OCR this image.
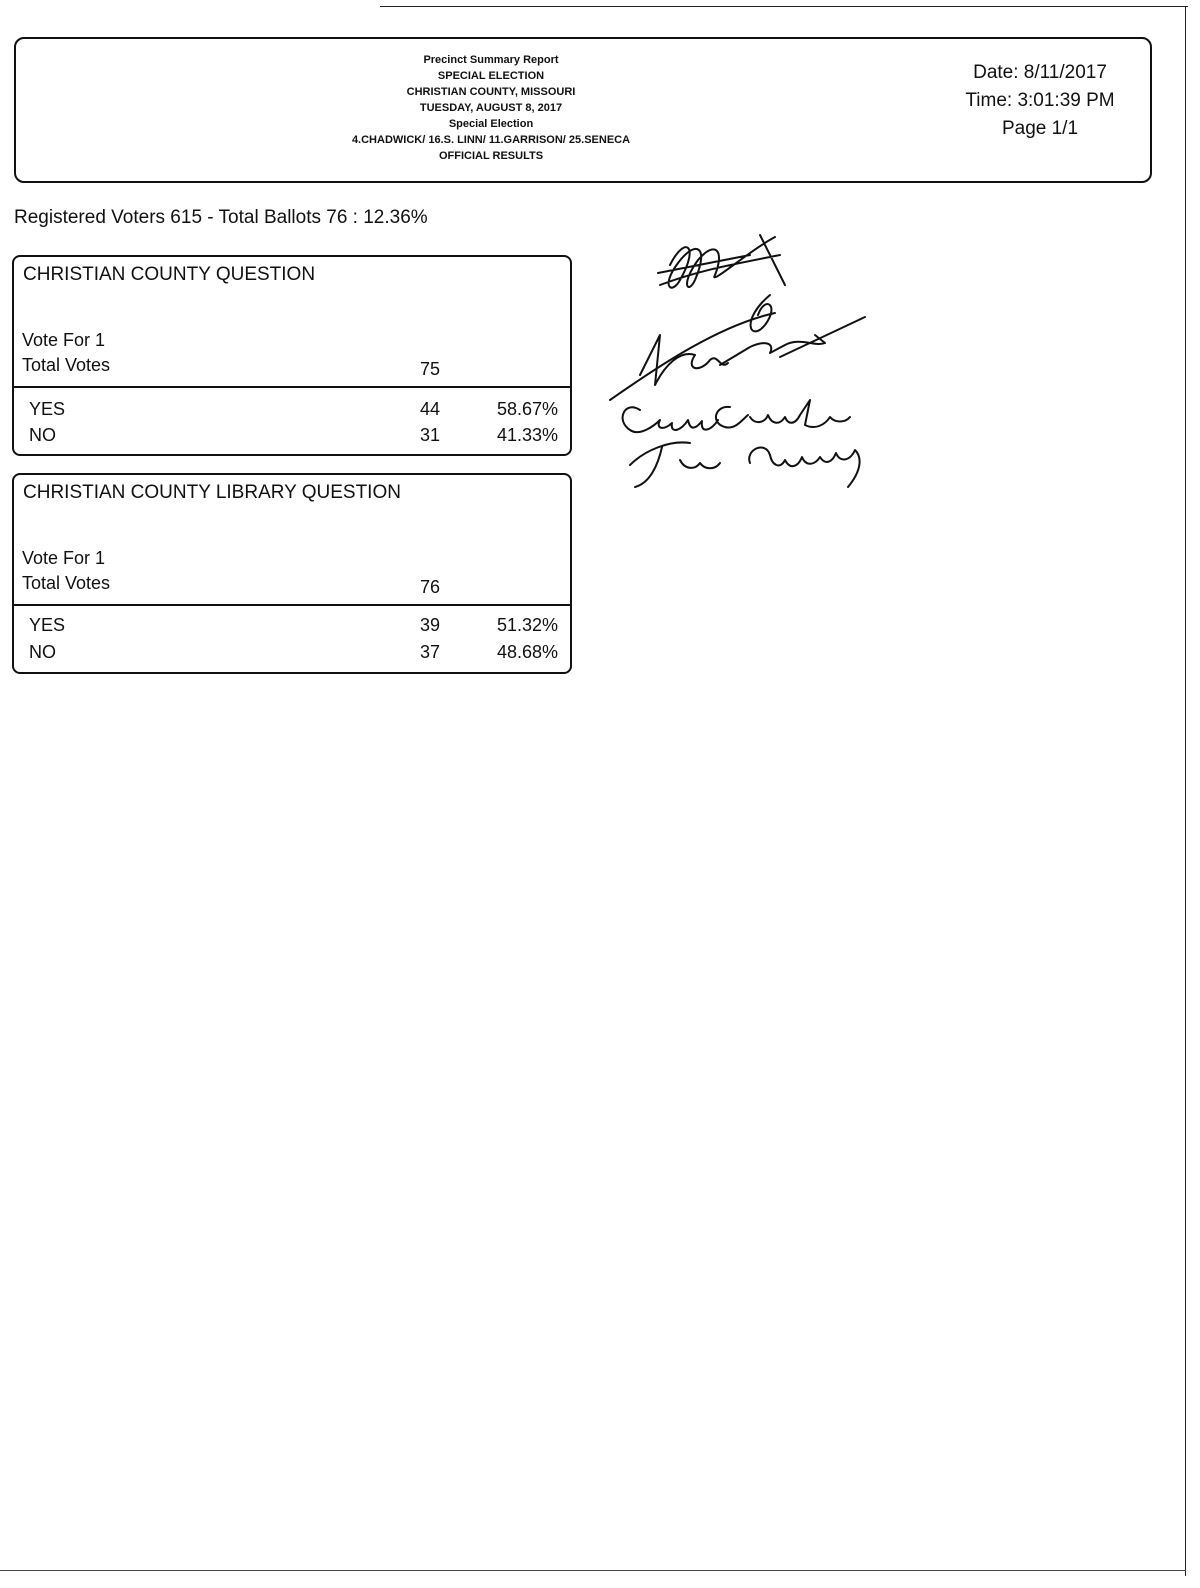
Precinct Summary Report
SPECIAL ELECTION
CHRISTIAN COUNTY, MISSOURI
TUESDAY, AUGUST 8, 2017
Special Election
4.CHADWICK/ 16.S. LINN/ 11.GARRISON/ 25.SENECA
OFFICIAL RESULTS
Date: 8/11/2017
Time: 3:01:39 PM
Page 1/1
Registered Voters 615 - Total Ballots 76 : 12.36%
CHRISTIAN COUNTY QUESTION
Vote For 1
Total Votes	75
YES	44	58.67%
NO	31	41.33%
CHRISTIAN COUNTY LIBRARY QUESTION
Vote For 1
Total Votes	76
YES	39	51.32%
NO	37	48.68%
